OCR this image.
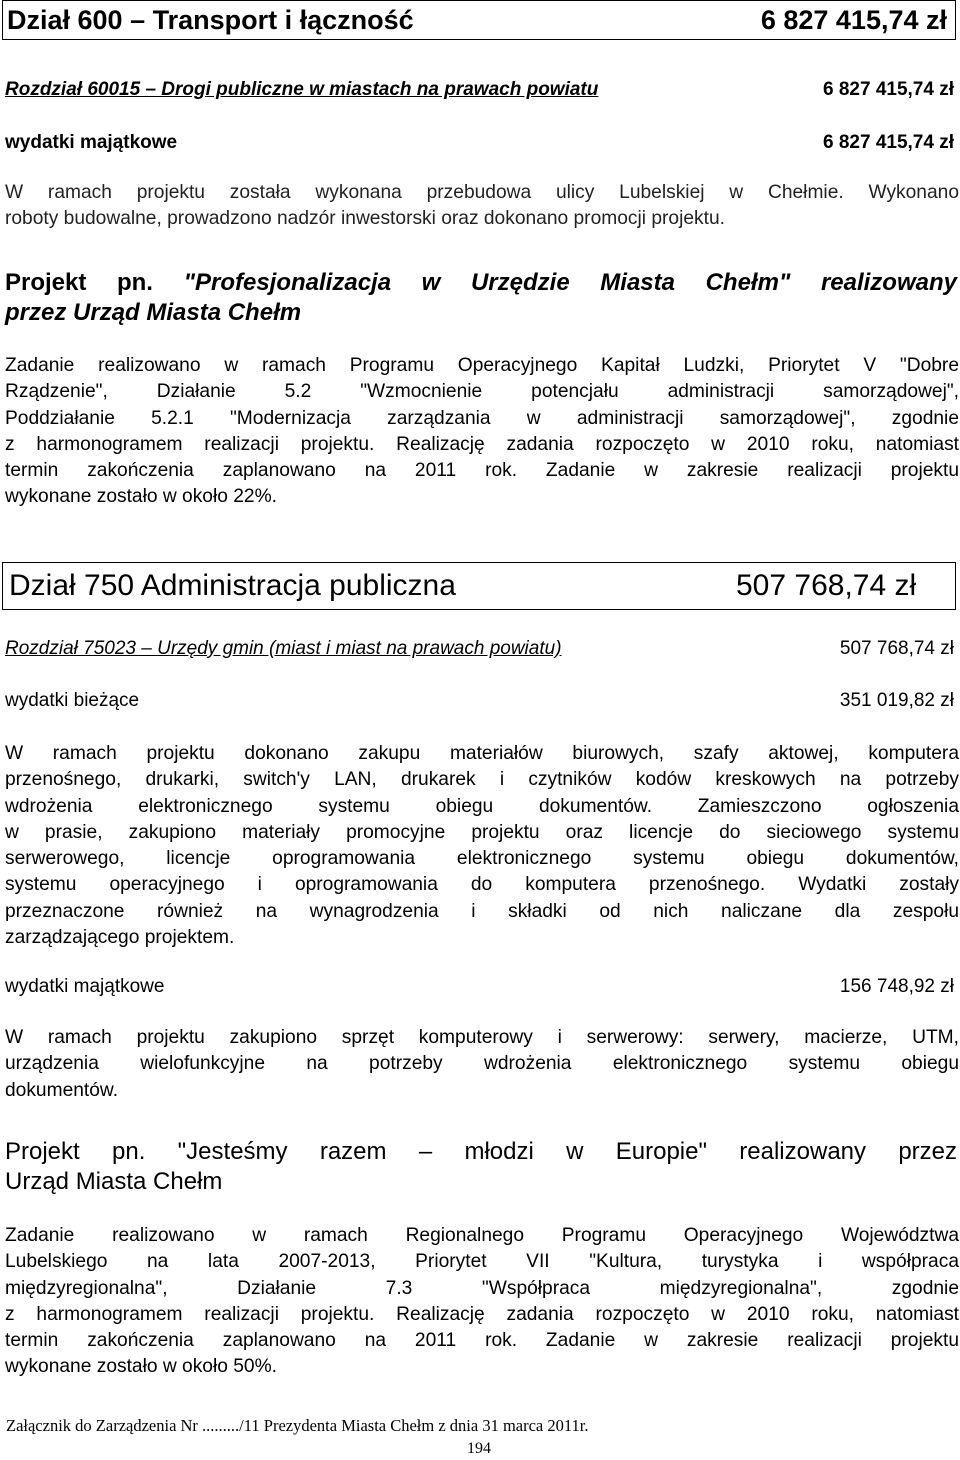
Dział 600 – Transport i łączność	6 827 415,74 zł
Rozdział 60015 – Drogi publiczne w miastach na prawach powiatu	6 827 415,74 zł
wydatki majątkowe	6 827 415,74 zł
W ramach projektu została wykonana przebudowa ulicy Lubelskiej w Chełmie. Wykonano
roboty budowalne, prowadzono nadzór inwestorski oraz dokonano promocji projektu.
Projekt pn. "Profesjonalizacja w Urzędzie Miasta Chełm" realizowany
przez Urząd Miasta Chełm
Zadanie realizowano w ramach Programu Operacyjnego Kapitał Ludzki, Priorytet V "Dobre
Rządzenie", Działanie 5.2 "Wzmocnienie potencjału administracji samorządowej",
Poddziałanie 5.2.1 "Modernizacja zarządzania w administracji samorządowej", zgodnie
z harmonogramem realizacji projektu. Realizację zadania rozpoczęto w 2010 roku, natomiast
termin zakończenia zaplanowano na 2011 rok. Zadanie w zakresie realizacji projektu
wykonane zostało w około 22%.
Dział 750 Administracja publiczna	507 768,74 zł
Rozdział 75023 – Urzędy gmin (miast i miast na prawach powiatu)	507 768,74 zł
wydatki bieżące	351 019,82 zł
W ramach projektu dokonano zakupu materiałów biurowych, szafy aktowej, komputera
przenośnego, drukarki, switch'y LAN, drukarek i czytników kodów kreskowych na potrzeby
wdrożenia elektronicznego systemu obiegu dokumentów. Zamieszczono ogłoszenia
w prasie, zakupiono materiały promocyjne projektu oraz licencje do sieciowego systemu
serwerowego, licencje oprogramowania elektronicznego systemu obiegu dokumentów,
systemu operacyjnego i oprogramowania do komputera przenośnego. Wydatki zostały
przeznaczone również na wynagrodzenia i składki od nich naliczane dla zespołu
zarządzającego projektem.
wydatki majątkowe	156 748,92 zł
W ramach projektu zakupiono sprzęt komputerowy i serwerowy: serwery, macierze, UTM,
urządzenia wielofunkcyjne na potrzeby wdrożenia elektronicznego systemu obiegu
dokumentów.
Projekt pn. "Jesteśmy razem – młodzi w Europie" realizowany przez
Urząd Miasta Chełm
Zadanie realizowano w ramach Regionalnego Programu Operacyjnego Województwa
Lubelskiego na lata 2007-2013, Priorytet VII "Kultura, turystyka i współpraca
międzyregionalna", Działanie 7.3 "Współpraca międzyregionalna", zgodnie
z harmonogramem realizacji projektu. Realizację zadania rozpoczęto w 2010 roku, natomiast
termin zakończenia zaplanowano na 2011 rok. Zadanie w zakresie realizacji projektu
wykonane zostało w około 50%.
Załącznik do Zarządzenia Nr ........./11 Prezydenta Miasta Chełm z dnia 31 marca 2011r.
194
